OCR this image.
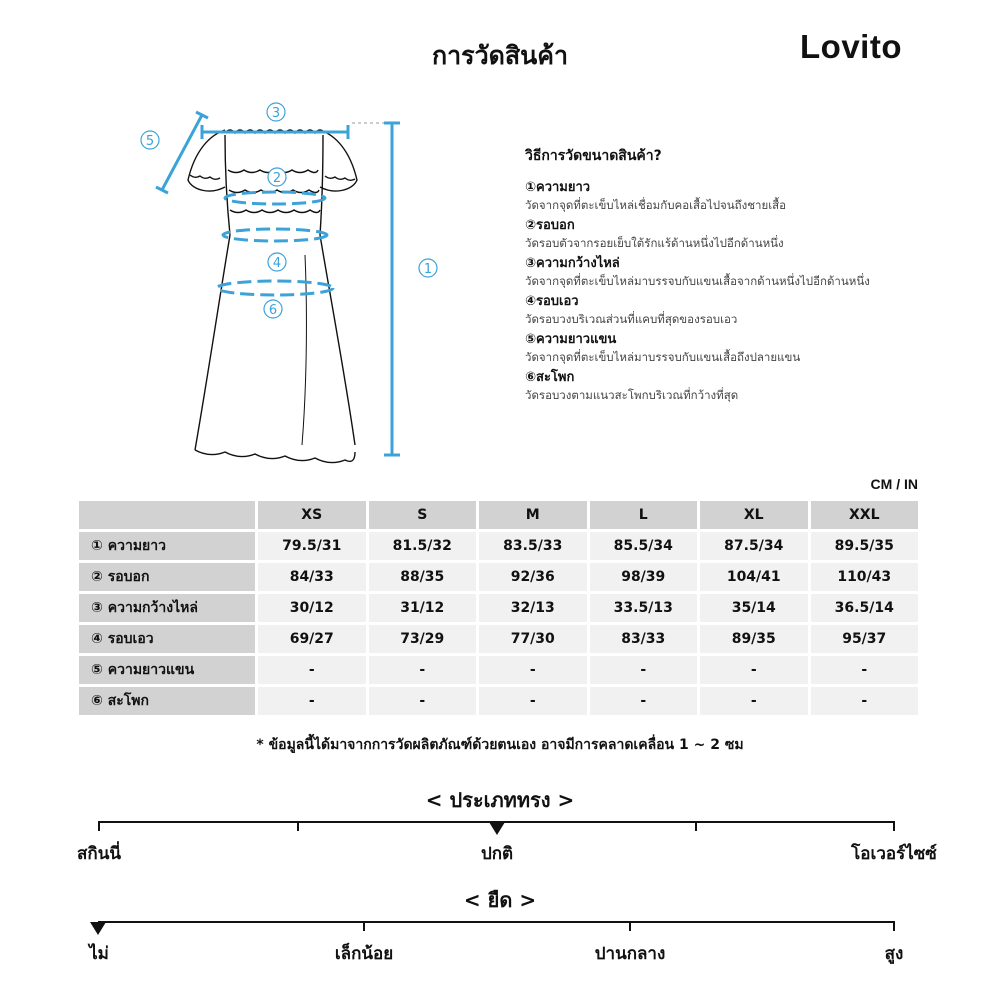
การวัดสินค้า	Lovito
3
5
2
4
6
1
วิธีการวัดขนาดสินค้า?
①ความยาว
วัดจากจุดที่ตะเข็บไหล่เชื่อมกับคอเสื้อไปจนถึงชายเสื้อ
②รอบอก
วัดรอบตัวจากรอยเย็บใต้รักแร้ด้านหนึ่งไปอีกด้านหนึ่ง
③ความกว้างไหล่
วัดจากจุดที่ตะเข็บไหล่มาบรรจบกับแขนเสื้อจากด้านหนึ่งไปอีกด้านหนึ่ง
④รอบเอว
วัดรอบวงบริเวณส่วนที่แคบที่สุดของรอบเอว
⑤ความยาวแขน
วัดจากจุดที่ตะเข็บไหล่มาบรรจบกับแขนเสื้อถึงปลายแขน
⑥สะโพก
วัดรอบวงตามแนวสะโพกบริเวณที่กว้างที่สุด
CM / IN
	XS	S	M	L	XL	XXL
① ความยาว	79.5/31	81.5/32	83.5/33	85.5/34	87.5/34	89.5/35
② รอบอก	84/33	88/35	92/36	98/39	104/41	110/43
③ ความกว้างไหล่	30/12	31/12	32/13	33.5/13	35/14	36.5/14
④ รอบเอว	69/27	73/29	77/30	83/33	89/35	95/37
⑤ ความยาวแขน	-	-	-	-	-	-
⑥ สะโพก	-	-	-	-	-	-
* ข้อมูลนี้ได้มาจากการวัดผลิตภัณฑ์ด้วยตนเอง อาจมีการคลาดเคลื่อน 1 ~ 2 ซม
< ประเภททรง >
สกินนี่	ปกติ	โอเวอร์ไซซ์
< ยืด >
ไม่	เล็กน้อย	ปานกลาง	สูง
